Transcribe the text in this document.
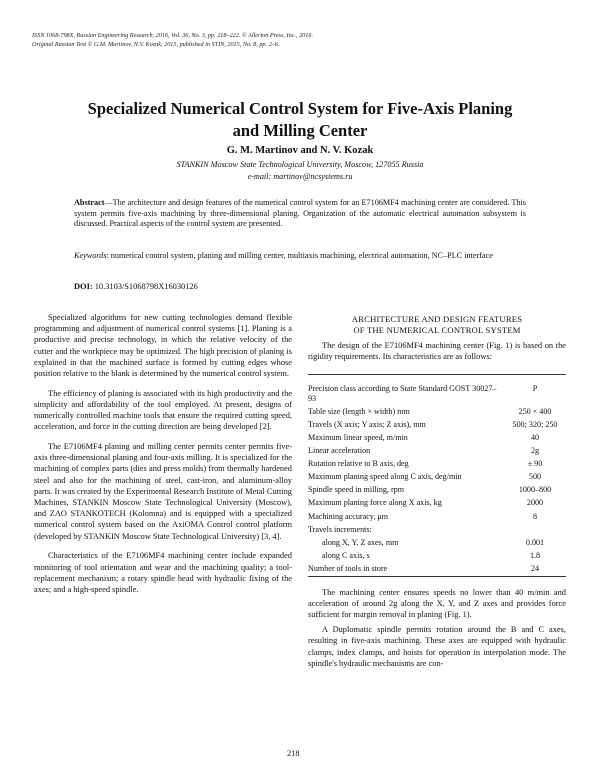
ISSN 1068-798X, Russian Engineering Research, 2016, Vol. 36, No. 3, pp. 218–222. © Allerton Press, Inc., 2016.
Original Russian Text © G.M. Martinov, N.V. Kozak, 2015, published in STIN, 2015, No. 8, pp. 2–6.
Specialized Numerical Control System for Five-Axis Planing
and Milling Center
G. M. Martinov and N. V. Kozak
STANKIN Moscow State Technological University, Moscow, 127055 Russia
e-mail: martinov@ncsystems.ru
Abstract—The architecture and design features of the numerical control system for an E7106MF4 machining center are considered. This system permits five-axis machining by three-dimensional planing. Organization of the automatic electrical automation subsystem is discussed. Practical aspects of the control system are presented.
Keywords: numerical control system, planing and milling center, multiaxis machining, electrical automation, NC–PLC interface
DOI: 10.3103/S1068798X16030126

Specialized algorithms for new cutting technologies demand flexible programming and adjustment of numerical control systems [1]. Planing is a productive and precise technology, in which the relative velocity of the cutter and the workpiece may be optimized. The high precision of planing is explained in that the machined surface is formed by cutting edges whose position relative to the blank is determined by the numerical control system.

The efficiency of planing is associated with its high productivity and the simplicity and affordability of the tool employed. At present, designs of numerically controlled machine tools that ensure the required cutting speed, acceleration, and force in the cutting direction are being developed [2].

The E7106MF4 planing and milling center permits center permits five-axis three-dimensional planing and four-axis milling. It is specialized for the machining of complex parts (dies and press molds) from thermally hardened steel and also for the machining of steel, cast-iron, and aluminum-alloy parts. It was created by the Experimental Research Institute of Metal Cutting Machines, STANKIN Moscow State Technological University (Moscow), and ZAO STANKOTECH (Kolomna) and is equipped with a specialized numerical control system based on the AxiOMA Control control platform (developed by STANKIN Moscow State Technological University) [3, 4].

Characteristics of the E7106MF4 machining center include expanded monitoring of tool orientation and wear and the machining quality; a tool-replacement mechanism; a rotary spindle head with hydraulic fixing of the axes; and a high-speed spindle.

ARCHITECTURE AND DESIGN FEATURES
OF THE NUMERICAL CONTROL SYSTEM

The design of the E7106MF4 machining center (Fig. 1) is based on the rigidity requirements. Its characteristics are as follows:

Precision class according to State Standard GOST 30027–93	P
Table size (length × width) mm	250 × 400
Travels (X axis; Y axis; Z axis), mm	500; 320; 250
Maximum linear speed, m/min	40
Linear acceleration	2g
Rotation relative to B axis, deg	± 90
Maximum planing speed along C axis, deg/min	500
Spindle speed in milling, rpm	1000–800
Maximum planing force along X axis, kg	2000
Machining accuracy, μm	8
Travels increments:	
along X, Y, Z axes, mm	0.001
along C axis, s	1.8
Number of tools in store	24

The machining center ensures speeds no lower than 40 m/min and acceleration of around 2g along the X, Y, and Z axes and provides force sufficient for margin removal in planing (Fig. 1).

A Duplomatic spindle permits rotation around the B and C axes, resulting in five-axis machining. These axes are equipped with hydraulic clamps, index clamps, and hoists for operation in interpolation mode. The spindle's hydraulic mechanisms are con-

218
